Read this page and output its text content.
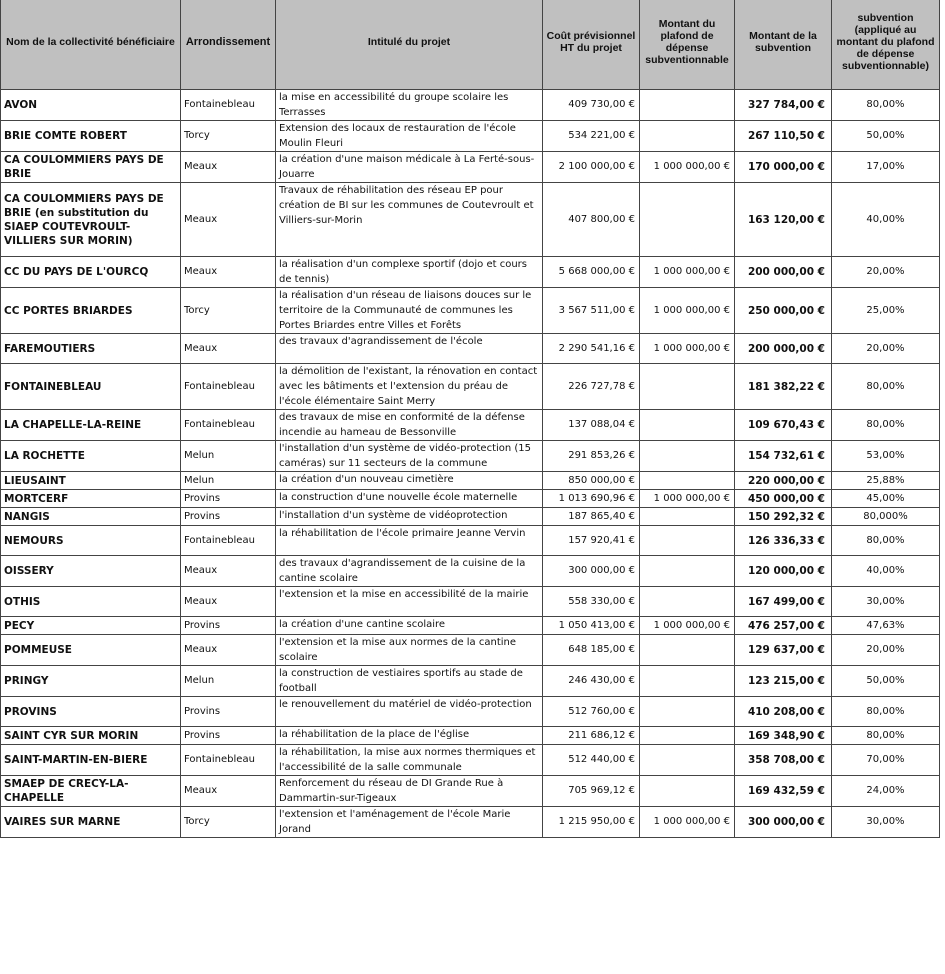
Nom de la collectivité bénéficiaire	Arrondissement	Intitulé du projet	Coût prévisionnel HT du projet	Montant du plafond de dépense subventionnable	Montant de la subvention	subvention (appliqué au montant du plafond de dépense subventionnable)
AVON	Fontainebleau	la mise en accessibilité du groupe scolaire les Terrasses	409 730,00 €		327 784,00 €	80,00%
BRIE COMTE ROBERT	Torcy	Extension des locaux de restauration de l'école Moulin Fleuri	534 221,00 €		267 110,50 €	50,00%
CA COULOMMIERS PAYS DE BRIE	Meaux	la création d'une maison médicale à La Ferté-sous-Jouarre	2 100 000,00 €	1 000 000,00 €	170 000,00 €	17,00%
CA COULOMMIERS PAYS DE BRIE (en substitution du SIAEP COUTEVROULT-VILLIERS SUR MORIN)	Meaux	Travaux de réhabilitation des réseau EP pour création de BI sur les communes de Coutevroult et Villiers-sur-Morin	407 800,00 €		163 120,00 €	40,00%
CC DU PAYS DE L'OURCQ	Meaux	la réalisation d'un complexe sportif (dojo et cours de tennis)	5 668 000,00 €	1 000 000,00 €	200 000,00 €	20,00%
CC PORTES BRIARDES	Torcy	la réalisation d'un réseau de liaisons douces sur le territoire de la Communauté de communes les Portes Briardes entre Villes et Forêts	3 567 511,00 €	1 000 000,00 €	250 000,00 €	25,00%
FAREMOUTIERS	Meaux	des travaux d'agrandissement de l'école	2 290 541,16 €	1 000 000,00 €	200 000,00 €	20,00%
FONTAINEBLEAU	Fontainebleau	la démolition de l'existant, la rénovation en contact avec les bâtiments et l'extension du préau de l'école élémentaire Saint Merry	226 727,78 €		181 382,22 €	80,00%
LA CHAPELLE-LA-REINE	Fontainebleau	des travaux de mise en conformité de la défense incendie au hameau de Bessonville	137 088,04 €		109 670,43 €	80,00%
LA ROCHETTE	Melun	l'installation d'un système de vidéo-protection (15 caméras) sur 11 secteurs de la commune	291 853,26 €		154 732,61 €	53,00%
LIEUSAINT	Melun	la création d'un nouveau cimetière	850 000,00 €		220 000,00 €	25,88%
MORTCERF	Provins	la construction d'une nouvelle école maternelle	1 013 690,96 €	1 000 000,00 €	450 000,00 €	45,00%
NANGIS	Provins	l'installation d'un système de vidéoprotection	187 865,40 €		150 292,32 €	80,000%
NEMOURS	Fontainebleau	la réhabilitation de l'école primaire Jeanne Vervin	157 920,41 €		126 336,33 €	80,00%
OISSERY	Meaux	des travaux d'agrandissement de la cuisine de la cantine scolaire	300 000,00 €		120 000,00 €	40,00%
OTHIS	Meaux	l'extension et la mise en accessibilité de la mairie	558 330,00 €		167 499,00 €	30,00%
PECY	Provins	la création d'une cantine scolaire	1 050 413,00 €	1 000 000,00 €	476 257,00 €	47,63%
POMMEUSE	Meaux	l'extension et la mise aux normes de la cantine scolaire	648 185,00 €		129 637,00 €	20,00%
PRINGY	Melun	la construction de vestiaires sportifs au stade de football	246 430,00 €		123 215,00 €	50,00%
PROVINS	Provins	le renouvellement du matériel de vidéo-protection	512 760,00 €		410 208,00 €	80,00%
SAINT CYR SUR MORIN	Provins	la réhabilitation de la place de l'église	211 686,12 €		169 348,90 €	80,00%
SAINT-MARTIN-EN-BIERE	Fontainebleau	la réhabilitation, la mise aux normes thermiques et l'accessibilité de la salle communale	512 440,00 €		358 708,00 €	70,00%
SMAEP DE CRECY-LA-CHAPELLE	Meaux	Renforcement du réseau de DI Grande Rue à Dammartin-sur-Tigeaux	705 969,12 €		169 432,59 €	24,00%
VAIRES SUR MARNE	Torcy	l'extension et l'aménagement de l'école Marie Jorand	1 215 950,00 €	1 000 000,00 €	300 000,00 €	30,00%
